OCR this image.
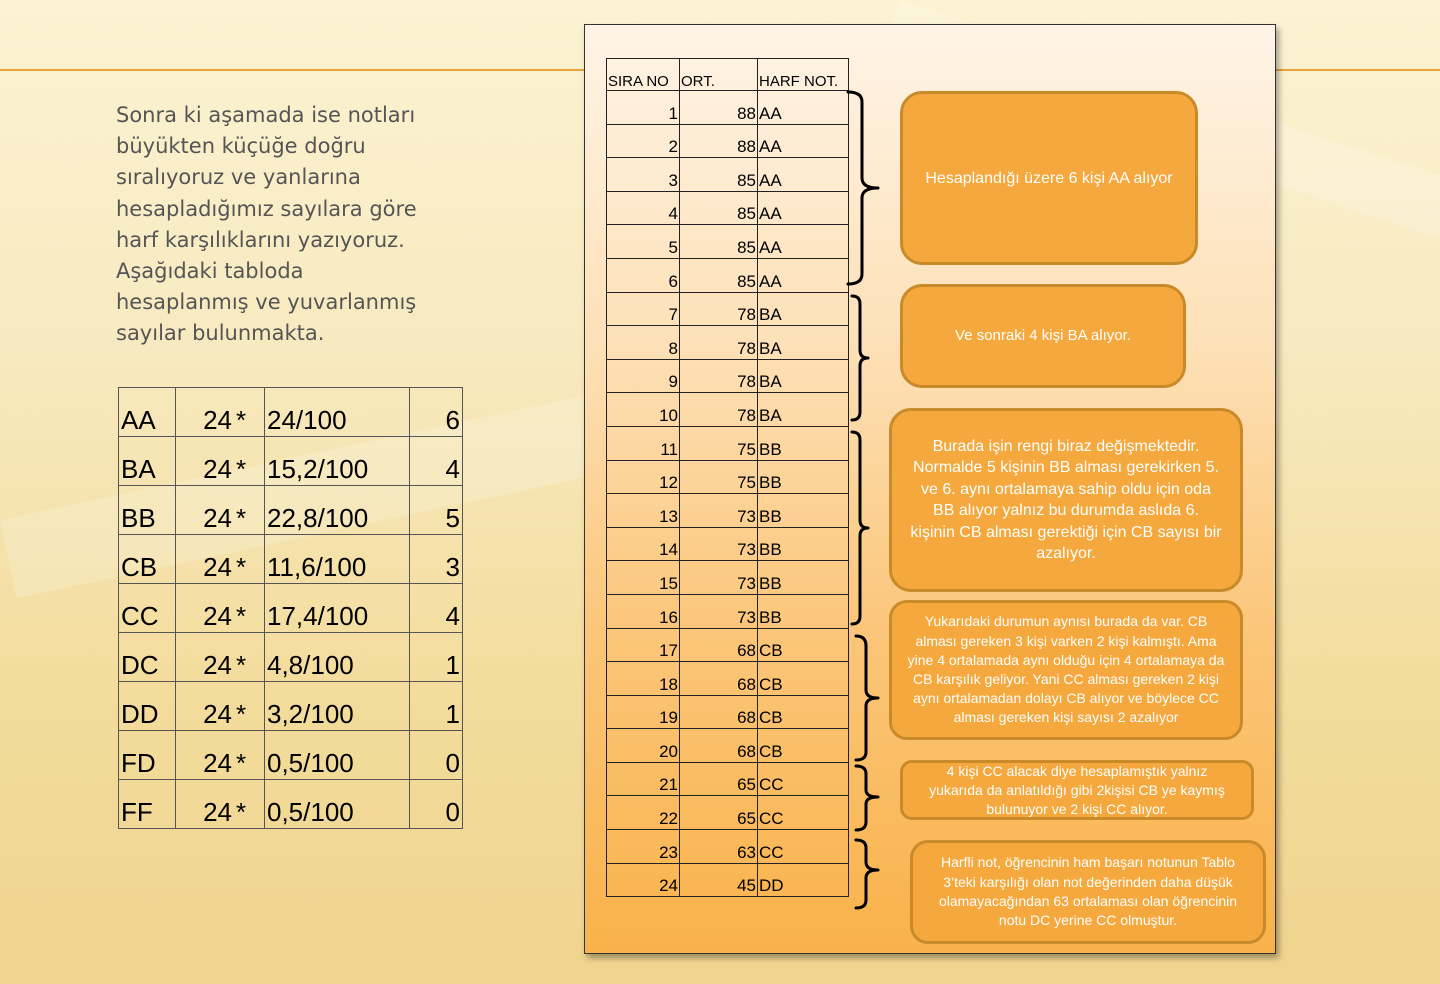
Sonra ki aşamada ise notları büyükten küçüğe doğru sıralıyoruz ve yanlarına hesapladığımız sayılara göre harf karşılıklarını yazıyoruz. Aşağıdaki tabloda hesaplanmış ve yuvarlanmış sayılar bulunmakta.
AA	24	*	24/100	6
BA	24	*	15,2/100	4
BB	24	*	22,8/100	5
CB	24	*	11,6/100	3
CC	24	*	17,4/100	4
DC	24	*	4,8/100	1
DD	24	*	3,2/100	1
FD	24	*	0,5/100	0
FF	24	*	0,5/100	0
SIRA NO	ORT.	HARF NOT.
1	88	AA
2	88	AA
3	85	AA
4	85	AA
5	85	AA
6	85	AA
7	78	BA
8	78	BA
9	78	BA
10	78	BA
11	75	BB
12	75	BB
13	73	BB
14	73	BB
15	73	BB
16	73	BB
17	68	CB
18	68	CB
19	68	CB
20	68	CB
21	65	CC
22	65	CC
23	63	CC
24	45	DD
Hesaplandığı üzere 6 kişi AA alıyor
Ve sonraki 4 kişi BA alıyor.
Burada işin rengi biraz değişmektedir. Normalde 5 kişinin BB alması gerekirken 5. ve 6. aynı ortalamaya sahip oldu için oda BB alıyor yalnız bu durumda aslıda 6. kişinin CB alması gerektiği için CB sayısı bir azalıyor.
Yukarıdaki durumun aynısı burada da var. CB alması gereken 3 kişi varken 2 kişi kalmıştı. Ama yine 4 ortalamada aynı olduğu için 4 ortalamaya da CB karşılık geliyor. Yani CC alması gereken 2 kişi aynı ortalamadan dolayı CB alıyor ve böylece CC alması gereken kişi sayısı 2 azalıyor
4 kişi CC alacak diye hesaplamıştık yalnız yukarıda da anlatıldığı gibi 2kişisi CB ye kaymış bulunuyor ve 2 kişi CC alıyor.
Harfli not, öğrencinin ham başarı notunun Tablo 3’teki karşılığı olan not değerinden daha düşük olamayacağından 63 ortalaması olan öğrencinin notu DC yerine CC olmuştur.
